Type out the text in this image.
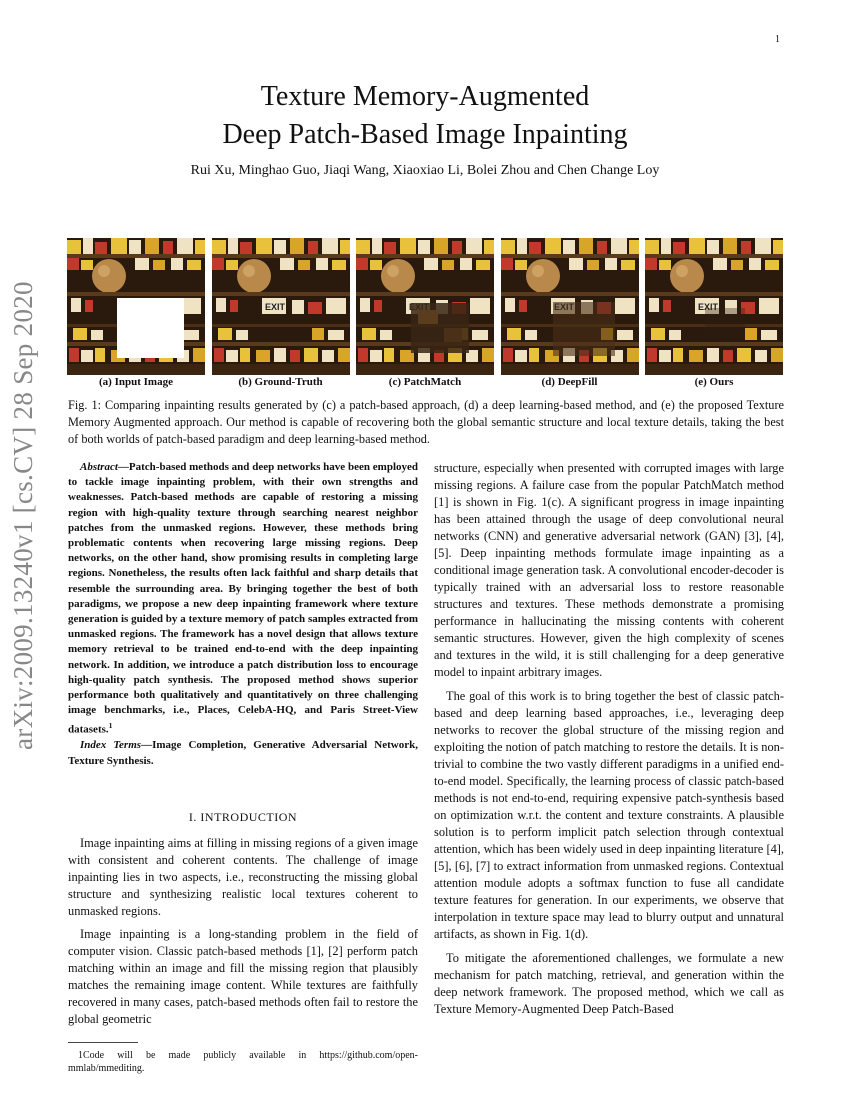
1
arXiv:2009.13240v1 [cs.CV] 28 Sep 2020
Texture Memory-Augmented
Deep Patch-Based Image Inpainting
Rui Xu, Minghao Guo, Jiaqi Wang, Xiaoxiao Li, Bolei Zhou and Chen Change Loy
(a) Input Image	(b) Ground-Truth	(c) PatchMatch	(d) DeepFill	(e) Ours
Fig. 1: Comparing inpainting results generated by (c) a patch-based approach, (d) a deep learning-based method, and (e) the proposed Texture Memory Augmented approach. Our method is capable of recovering both the global semantic structure and local texture details, taking the best of both worlds of patch-based paradigm and deep learning-based method.

Abstract—Patch-based methods and deep networks have been employed to tackle image inpainting problem, with their own strengths and weaknesses. Patch-based methods are capable of restoring a missing region with high-quality texture through searching nearest neighbor patches from the unmasked regions. However, these methods bring problematic contents when recovering large missing regions. Deep networks, on the other hand, show promising results in completing large regions. Nonetheless, the results often lack faithful and sharp details that resemble the surrounding area. By bringing together the best of both paradigms, we propose a new deep inpainting framework where texture generation is guided by a texture memory of patch samples extracted from unmasked regions. The framework has a novel design that allows texture memory retrieval to be trained end-to-end with the deep inpainting network. In addition, we introduce a patch distribution loss to encourage high-quality patch synthesis. The proposed method shows superior performance both qualitatively and quantitatively on three challenging image benchmarks, i.e., Places, CelebA-HQ, and Paris Street-View datasets.$^1$

Index Terms—Image Completion, Generative Adversarial Network, Texture Synthesis.

I. INTRODUCTION

Image inpainting aims at filling in missing regions of a given image with consistent and coherent contents. The challenge of image inpainting lies in two aspects, i.e., reconstructing the missing global structure and synthesizing realistic local textures coherent to unmasked regions.

Image inpainting is a long-standing problem in the field of computer vision. Classic patch-based methods [1], [2] perform patch matching within an image and fill the missing region that plausibly matches the remaining image content. While textures are faithfully recovered in many cases, patch-based methods often fail to restore the global geometric

1Code will be made publicly available in https://github.com/open-mmlab/mmediting.

structure, especially when presented with corrupted images with large missing regions. A failure case from the popular PatchMatch method [1] is shown in Fig. 1(c). A significant progress in image inpainting has been attained through the usage of deep convolutional neural networks (CNN) and generative adversarial network (GAN) [3], [4], [5]. Deep inpainting methods formulate image inpainting as a conditional image generation task. A convolutional encoder-decoder is typically trained with an adversarial loss to restore reasonable structures and textures. These methods demonstrate a promising performance in hallucinating the missing contents with coherent semantic structures. However, given the high complexity of scenes and textures in the wild, it is still challenging for a deep generative model to inpaint arbitrary images.

The goal of this work is to bring together the best of classic patch-based and deep learning based approaches, i.e., leveraging deep networks to recover the global structure of the missing region and exploiting the notion of patch matching to restore the details. It is non-trivial to combine the two vastly different paradigms in a unified end-to-end model. Specifically, the learning process of classic patch-based methods is not end-to-end, requiring expensive patch-synthesis based on optimization w.r.t. the content and texture constraints. A plausible solution is to perform implicit patch selection through contextual attention, which has been widely used in deep inpainting literature [4], [5], [6], [7] to extract information from unmasked regions. Contextual attention module adopts a softmax function to fuse all candidate texture features for generation. In our experiments, we observe that interpolation in texture space may lead to blurry output and unnatural artifacts, as shown in Fig. 1(d).

To mitigate the aforementioned challenges, we formulate a new mechanism for patch matching, retrieval, and generation within the deep network framework. The proposed method, which we call as Texture Memory-Augmented Deep Patch-Based
